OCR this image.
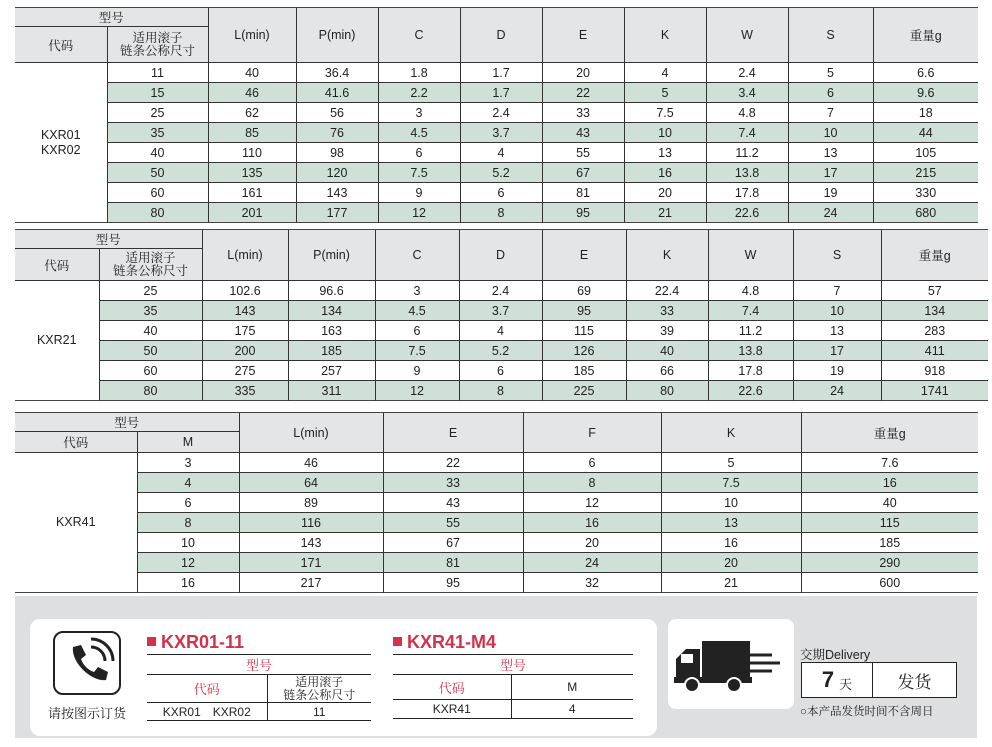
型号		L(min)	P(min)	C	D	E	K	W	S	重量g
代码	适用滚子
链条公称尺寸									

KXR01
KXR02	11	40	36.4	1.8	1.7	20	4	2.4	5	6.6
	15	46	41.6	2.2	1.7	22	5	3.4	6	9.6
	25	62	56	3	2.4	33	7.5	4.8	7	18
	35	85	76	4.5	3.7	43	10	7.4	10	44
	40	110	98	6	4	55	13	11.2	13	105
	50	135	120	7.5	5.2	67	16	13.8	17	215
	60	161	143	9	6	81	20	17.8	19	330
	80	201	177	12	8	95	21	22.6	24	680
型号		L(min)	P(min)	C	D	E	K	W	S	重量g
代码	适用滚子
链条公称尺寸									

KXR21	25	102.6	96.6	3	2.4	69	22.4	4.8	7	57
	35	143	134	4.5	3.7	95	33	7.4	10	134
	40	175	163	6	4	115	39	11.2	13	283
	50	200	185	7.5	5.2	126	40	13.8	17	411
	60	275	257	9	6	185	66	17.8	19	918
	80	335	311	12	8	225	80	22.6	24	1741
型号		L(min)	E	F	K	重量g
代码	M					

KXR41	3	46	22	6	5	7.6
	4	64	33	8	7.5	16
	6	89	43	12	10	40
	8	116	55	16	13	115
	10	143	67	20	16	185
	12	171	81	24	20	290
	16	217	95	32	21	600
请按图示订货
KXR01-11
型号	
代码	适用滚子
链条公称尺寸

KXR01　KXR02	11
KXR41-M4
型号	
代码	M
KXR41	4
交期Delivery
7 天	发货
○本产品发货时间不含周日
